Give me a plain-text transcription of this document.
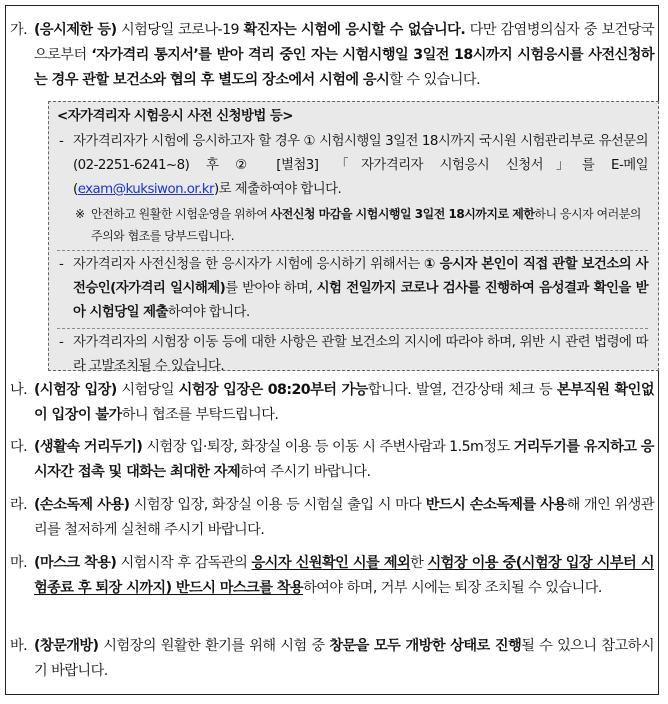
가. (응시제한 등) 시험당일 코로나-19 확진자는 시험에 응시할 수 없습니다. 다만 감염병의심자 중 보건당국으로부터 ‘자가격리 통지서’를 받아 격리 중인 자는 시험시행일 3일전 18시까지 시험응시를 사전신청하는 경우 관할 보건소와 협의 후 별도의 장소에서 시험에 응시할 수 있습니다.
<자가격리자 시험응시 사전 신청방법 등>
- 자가격리자가 시험에 응시하고자 할 경우 ① 시험시행일 3일전 18시까지 국시원 시험관리부로 유선문의(02-2251-6241~8) 후 ② [별첨3] 「자가격리자 시험응시 신청서」를 E-메일(exam@kuksiwon.or.kr)로 제출하여야 합니다.
※ 안전하고 원활한 시험운영을 위하여 사전신청 마감을 시험시행일 3일전 18시까지로 제한하니 응시자 여러분의 주의와 협조를 당부드립니다.
- 자가격리자 사전신청을 한 응시자가 시험에 응시하기 위해서는 ① 응시자 본인이 직접 관할 보건소의 사전승인(자가격리 일시해제)를 받아야 하며, 시험 전일까지 코로나 검사를 진행하여 음성결과 확인을 받아 시험당일 제출하여야 합니다.
- 자가격리자의 시험장 이동 등에 대한 사항은 관할 보건소의 지시에 따라야 하며, 위반 시 관련 법령에 따라 고발조치될 수 있습니다.
나. (시험장 입장) 시험당일 시험장 입장은 08:20부터 가능합니다. 발열, 건강상태 체크 등 본부직원 확인없이 입장이 불가하니 협조를 부탁드립니다.
다. (생활속 거리두기) 시험장 입·퇴장, 화장실 이용 등 이동 시 주변사람과 1.5m정도 거리두기를 유지하고 응시자간 접촉 및 대화는 최대한 자제하여 주시기 바랍니다.
라. (손소독제 사용) 시험장 입장, 화장실 이용 등 시험실 출입 시 마다 반드시 손소독제를 사용해 개인 위생관리를 철저하게 실천해 주시기 바랍니다.
마. (마스크 착용) 시험시작 후 감독관의 응시자 신원확인 시를 제외한 시험장 이용 중(시험장 입장 시부터 시험종료 후 퇴장 시까지) 반드시 마스크를 착용하여야 하며, 거부 시에는 퇴장 조치될 수 있습니다.
바. (창문개방) 시험장의 원활한 환기를 위해 시험 중 창문을 모두 개방한 상태로 진행될 수 있으니 참고하시기 바랍니다.
